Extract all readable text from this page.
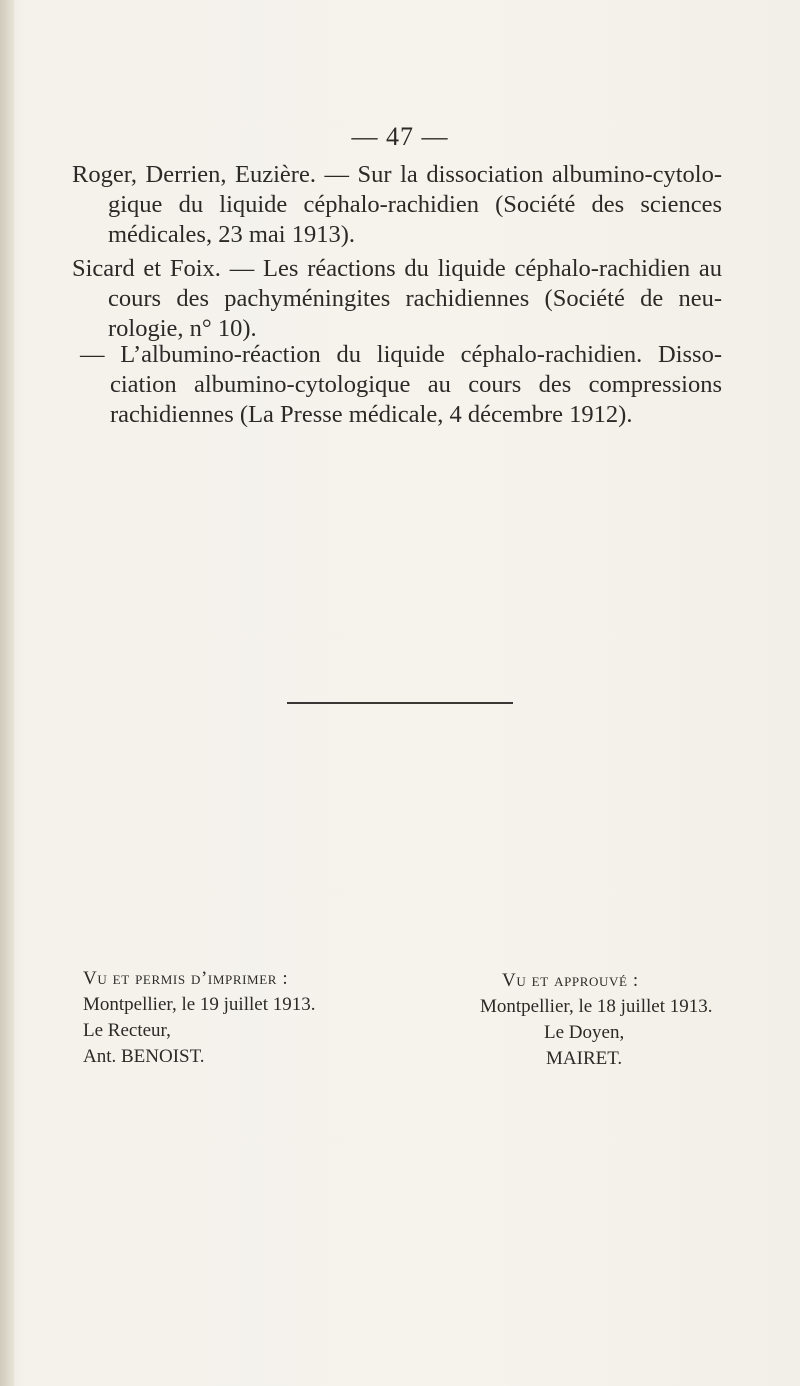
— 47 —
Roger, Derrien, Euzière. — Sur la dissociation albumino-cytolo-
gique du liquide céphalo-rachidien (Société des sciences
médicales, 23 mai 1913).
Sicard et Foix. — Les réactions du liquide céphalo-rachidien au
cours des pachyméningites rachidiennes (Société de neu-
rologie, n° 10).
— L’albumino-réaction du liquide céphalo-rachidien. Disso-
ciation albumino-cytologique au cours des compressions
rachidiennes (La Presse médicale, 4 décembre 1912).
Vu et permis d’imprimer :
Montpellier, le 19 juillet 1913.
Le Recteur,
Ant. BENOIST.
Vu et approuvé :
Montpellier, le 18 juillet 1913.
Le Doyen,
MAIRET.
